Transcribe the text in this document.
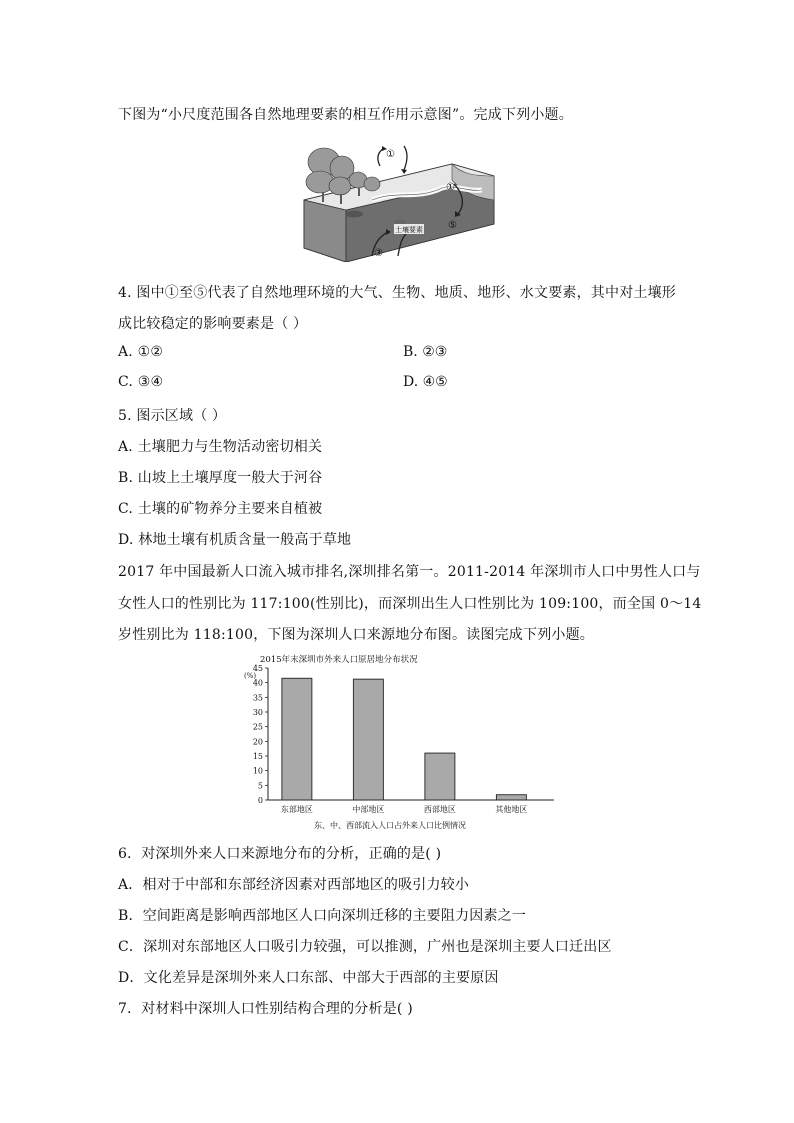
下图为“小尺度范围各自然地理要素的相互作用示意图”。完成下列小题。
①
①
③
⑤
土壤要素
4. 图中①至⑤代表了自然地理环境的大气、生物、地质、地形、水文要素，其中对土壤形
成比较稳定的影响要素是（ ）
A. ①②	B. ②③
C. ③④	D. ④⑤
5. 图示区域（ ）
A. 土壤肥力与生物活动密切相关
B. 山坡上土壤厚度一般大于河谷
C. 土壤的矿物养分主要来自植被
D. 林地土壤有机质含量一般高于草地
2017 年中国最新人口流入城市排名,深圳排名第一。2011-2014 年深圳市人口中男性人口与
女性人口的性别比为 117:100(性别比)，而深圳出生人口性别比为 109:100，而全国 0～14
岁性别比为 118:100，下图为深圳人口来源地分布图。读图完成下列小题。
2015年末深圳市外来人口原居地分布状况
(%)
45
40
35
30
25
20
15
10
5
0
东部地区	中部地区	西部地区	其他地区
东、中、西部流入人口占外来人口比例情况
6．对深圳外来人口来源地分布的分析，正确的是( )
A．相对于中部和东部经济因素对西部地区的吸引力较小
B．空间距离是影响西部地区人口向深圳迁移的主要阻力因素之一
C．深圳对东部地区人口吸引力较强，可以推测，广州也是深圳主要人口迁出区
D．文化差异是深圳外来人口东部、中部大于西部的主要原因
7．对材料中深圳人口性别结构合理的分析是( )
